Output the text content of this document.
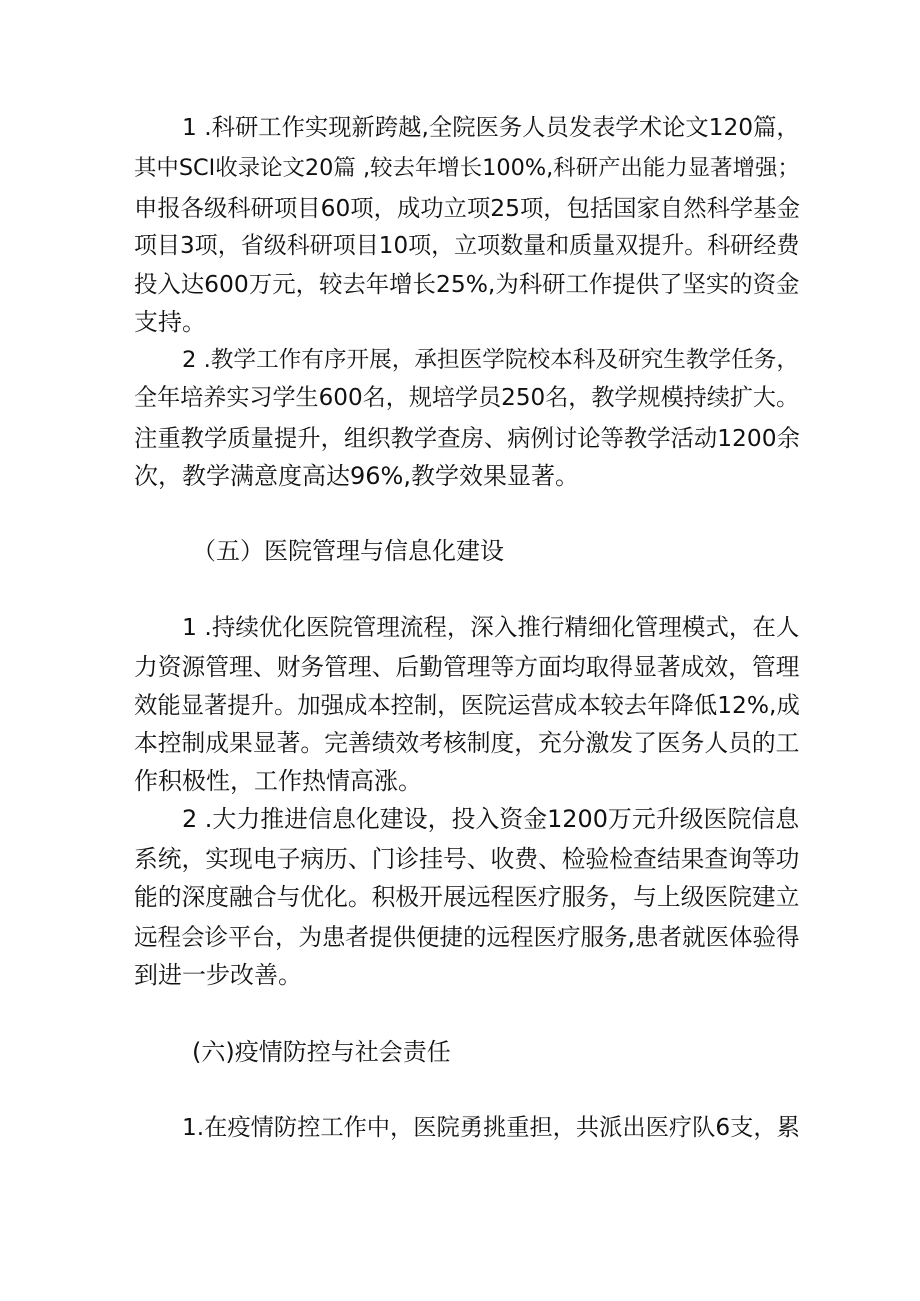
1 .科研工作实现新跨越,全院医务人员发表学术论文120篇，
其中SCI收录论文20篇 ,较去年增长100%,科研产出能力显著增强；
申报各级科研项目60项，成功立项25项，包括国家自然科学基金
项目3项，省级科研项目10项，立项数量和质量双提升。科研经费
投入达600万元，较去年增长25%,为科研工作提供了坚实的资金
支持。
2 .教学工作有序开展，承担医学院校本科及研究生教学任务，
全年培养实习学生600名，规培学员250名，教学规模持续扩大。
注重教学质量提升，组织教学查房、病例讨论等教学活动1200余
次，教学满意度高达96%,教学效果显著。
（五）医院管理与信息化建设
1 .持续优化医院管理流程，深入推行精细化管理模式，在人
力资源管理、财务管理、后勤管理等方面均取得显著成效，管理
效能显著提升。加强成本控制，医院运营成本较去年降低12%,成
本控制成果显著。完善绩效考核制度，充分激发了医务人员的工
作积极性，工作热情高涨。
2 .大力推进信息化建设，投入资金1200万元升级医院信息
系统，实现电子病历、门诊挂号、收费、检验检查结果查询等功
能的深度融合与优化。积极开展远程医疗服务，与上级医院建立
远程会诊平台，为患者提供便捷的远程医疗服务,患者就医体验得
到进一步改善。
(六)疫情防控与社会责任
1.在疫情防控工作中，医院勇挑重担，共派出医疗队6支，累
